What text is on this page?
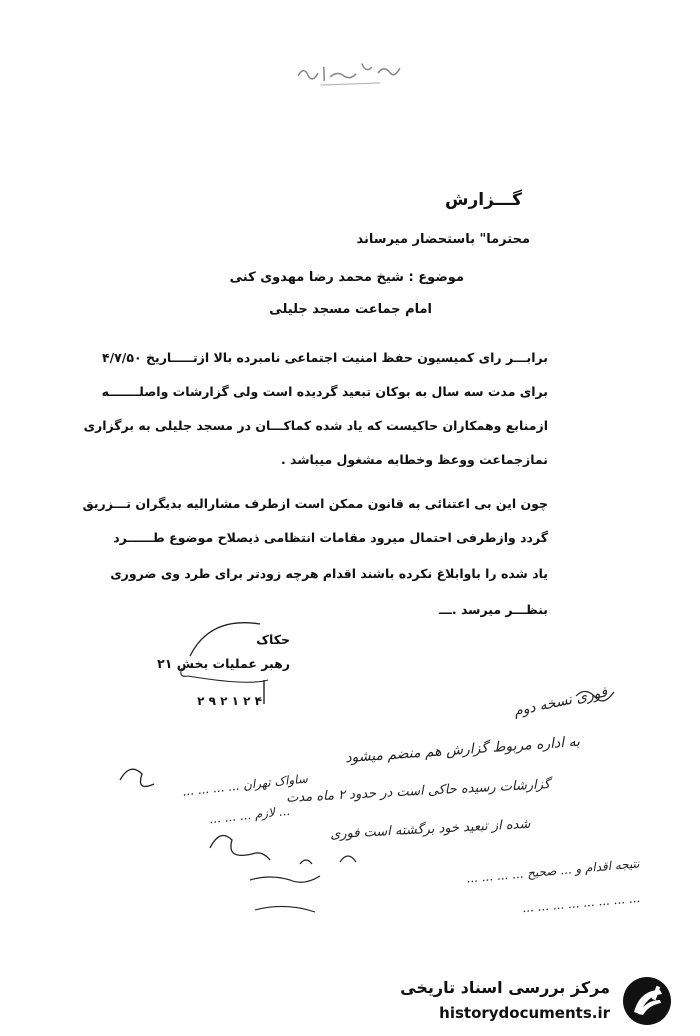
گـــزارش
محترما" باستحضار میرساند
موضوع : شیخ محمد رضا مهدوی کنی
امام جماعت مسجد جلیلی
برابـــر رای کمیسیون حفظ امنیت اجتماعی نامبرده بالا ازتـــــاریخ ۴/۷/۵۰
برای مدت سه سال به بوکان تبعید گردیده است ولی گزارشات واصلـــــــه
ازمنابع وهمکاران حاکیست که یاد شده کماکـــان در مسجد جلیلی به برگزاری
نمازجماعت ووعظ وخطابه مشغول میباشد .
چون این بی اعتنائی به قانون ممکن است ازطرف مشارالیه بدیگران تـــزریق
گردد وازطرفی احتمال میرود مقامات انتظامی ذیصلاح موضوع طــــــرد
یاد شده را باوابلاغ نکرده باشند اقدام هرچه زودتر برای طرد وی ضروری
بنظـــر میرسد .ـــ
حکاک
رهبر عملیات بخش ۲۱
۴ ۲ ۱ ۲ ۹ ۲	فوری نسخه دوم
به اداره مربوط گزارش هم منضم میشود
گزارشات رسیده حاکی است در حدود ۲ ماه مدت
شده از تبعید خود برگشته است فوری
نتیجه اقدام و ... صحیح ... ... ... ...
... ... ... ... ... ... ... ...
ساواک تهران ... ... ... ...
... لازم ... ... ...
مرکز بررسی اسناد تاریخی
historydocuments.ir
